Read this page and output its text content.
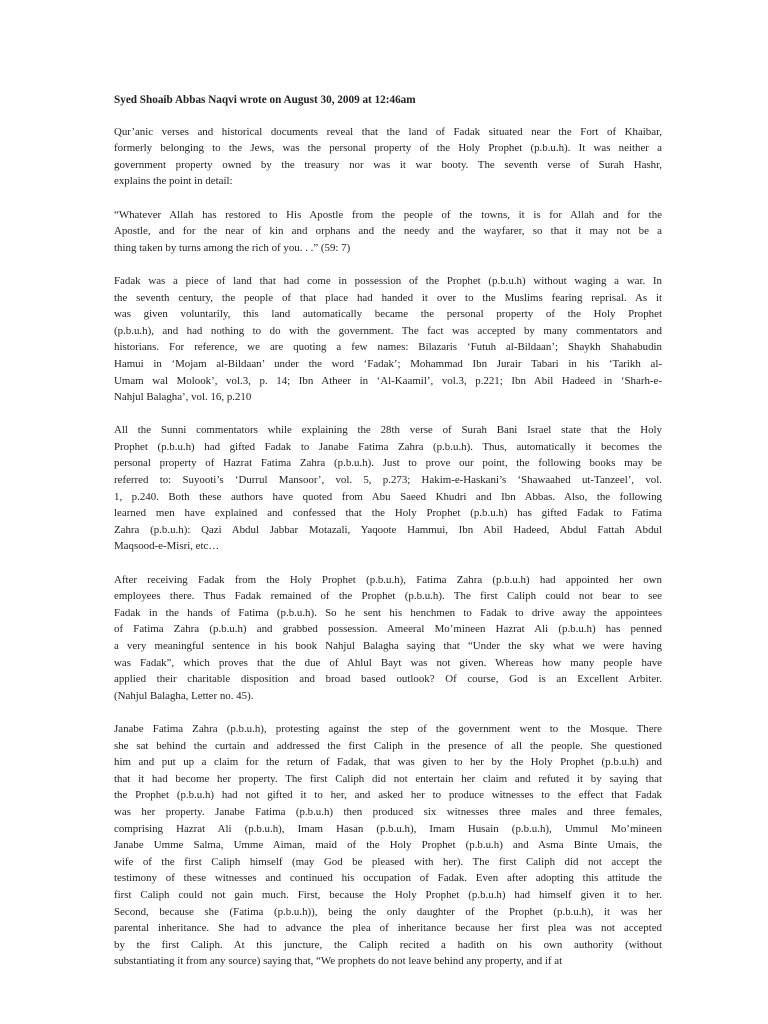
Syed Shoaib Abbas Naqvi wrote on August 30, 2009 at 12:46am
Qur’anic verses and historical documents reveal that the land of Fadak situated near the Fort of Khaibar,
formerly belonging to the Jews, was the personal property of the Holy Prophet (p.b.u.h). It was neither a
government property owned by the treasury nor was it war booty. The seventh verse of Surah Hashr,
explains the point in detail:
“Whatever Allah has restored to His Apostle from the people of the towns, it is for Allah and for the
Apostle, and for the near of kin and orphans and the needy and the wayfarer, so that it may not be a
thing taken by turns among the rich of you. . .” (59: 7)
Fadak was a piece of land that had come in possession of the Prophet (p.b.u.h) without waging a war. In
the seventh century, the people of that place had handed it over to the Muslims fearing reprisal. As it
was given voluntarily, this land automatically became the personal property of the Holy Prophet
(p.b.u.h), and had nothing to do with the government. The fact was accepted by many commentators and
historians. For reference, we are quoting a few names: Bilazaris ‘Futuh al-Bildaan’; Shaykh Shahabudin
Hamui in ‘Mojam al-Bildaan’ under the word ‘Fadak’; Mohammad Ibn Jurair Tabari in his ‘Tarikh al-
Umam wal Molook’, vol.3, p. 14; Ibn Atheer in ‘Al-Kaamil’, vol.3, p.221; Ibn Abil Hadeed in ‘Sharh-e-
Nahjul Balagha’, vol. 16, p.210
All the Sunni commentators while explaining the 28th verse of Surah Bani Israel state that the Holy
Prophet (p.b.u.h) had gifted Fadak to Janabe Fatima Zahra (p.b.u.h). Thus, automatically it becomes the
personal property of Hazrat Fatima Zahra (p.b.u.h). Just to prove our point, the following books may be
referred to: Suyooti’s ‘Durrul Mansoor’, vol. 5, p.273; Hakim-e-Haskani’s ‘Shawaahed ut-Tanzeel’, vol.
1, p.240. Both these authors have quoted from Abu Saeed Khudri and Ibn Abbas. Also, the following
learned men have explained and confessed that the Holy Prophet (p.b.u.h) has gifted Fadak to Fatima
Zahra (p.b.u.h): Qazi Abdul Jabbar Motazali, Yaqoote Hammui, Ibn Abil Hadeed, Abdul Fattah Abdul
Maqsood-e-Misri, etc…
After receiving Fadak from the Holy Prophet (p.b.u.h), Fatima Zahra (p.b.u.h) had appointed her own
employees there. Thus Fadak remained of the Prophet (p.b.u.h). The first Caliph could not bear to see
Fadak in the hands of Fatima (p.b.u.h). So he sent his henchmen to Fadak to drive away the appointees
of Fatima Zahra (p.b.u.h) and grabbed possession. Ameeral Mo’mineen Hazrat Ali (p.b.u.h) has penned
a very meaningful sentence in his book Nahjul Balagha saying that “Under the sky what we were having
was Fadak”, which proves that the due of Ahlul Bayt was not given. Whereas how many people have
applied their charitable disposition and broad based outlook? Of course, God is an Excellent Arbiter.
(Nahjul Balagha, Letter no. 45).
Janabe Fatima Zahra (p.b.u.h), protesting against the step of the government went to the Mosque. There
she sat behind the curtain and addressed the first Caliph in the presence of all the people. She questioned
him and put up a claim for the return of Fadak, that was given to her by the Holy Prophet (p.b.u.h) and
that it had become her property. The first Caliph did not entertain her claim and refuted it by saying that
the Prophet (p.b.u.h) had not gifted it to her, and asked her to produce witnesses to the effect that Fadak
was her property. Janabe Fatima (p.b.u.h) then produced six witnesses three males and three females,
comprising Hazrat Ali (p.b.u.h), Imam Hasan (p.b.u.h), Imam Husain (p.b.u.h), Ummul Mo’mineen
Janabe Umme Salma, Umme Aiman, maid of the Holy Prophet (p.b.u.h) and Asma Binte Umais, the
wife of the first Caliph himself (may God be pleased with her). The first Caliph did not accept the
testimony of these witnesses and continued his occupation of Fadak. Even after adopting this attitude the
first Caliph could not gain much. First, because the Holy Prophet (p.b.u.h) had himself given it to her.
Second, because she (Fatima (p.b.u.h)), being the only daughter of the Prophet (p.b.u.h), it was her
parental inheritance. She had to advance the plea of inheritance because her first plea was not accepted
by the first Caliph. At this juncture, the Caliph recited a hadith on his own authority (without
substantiating it from any source) saying that, “We prophets do not leave behind any property, and if at
